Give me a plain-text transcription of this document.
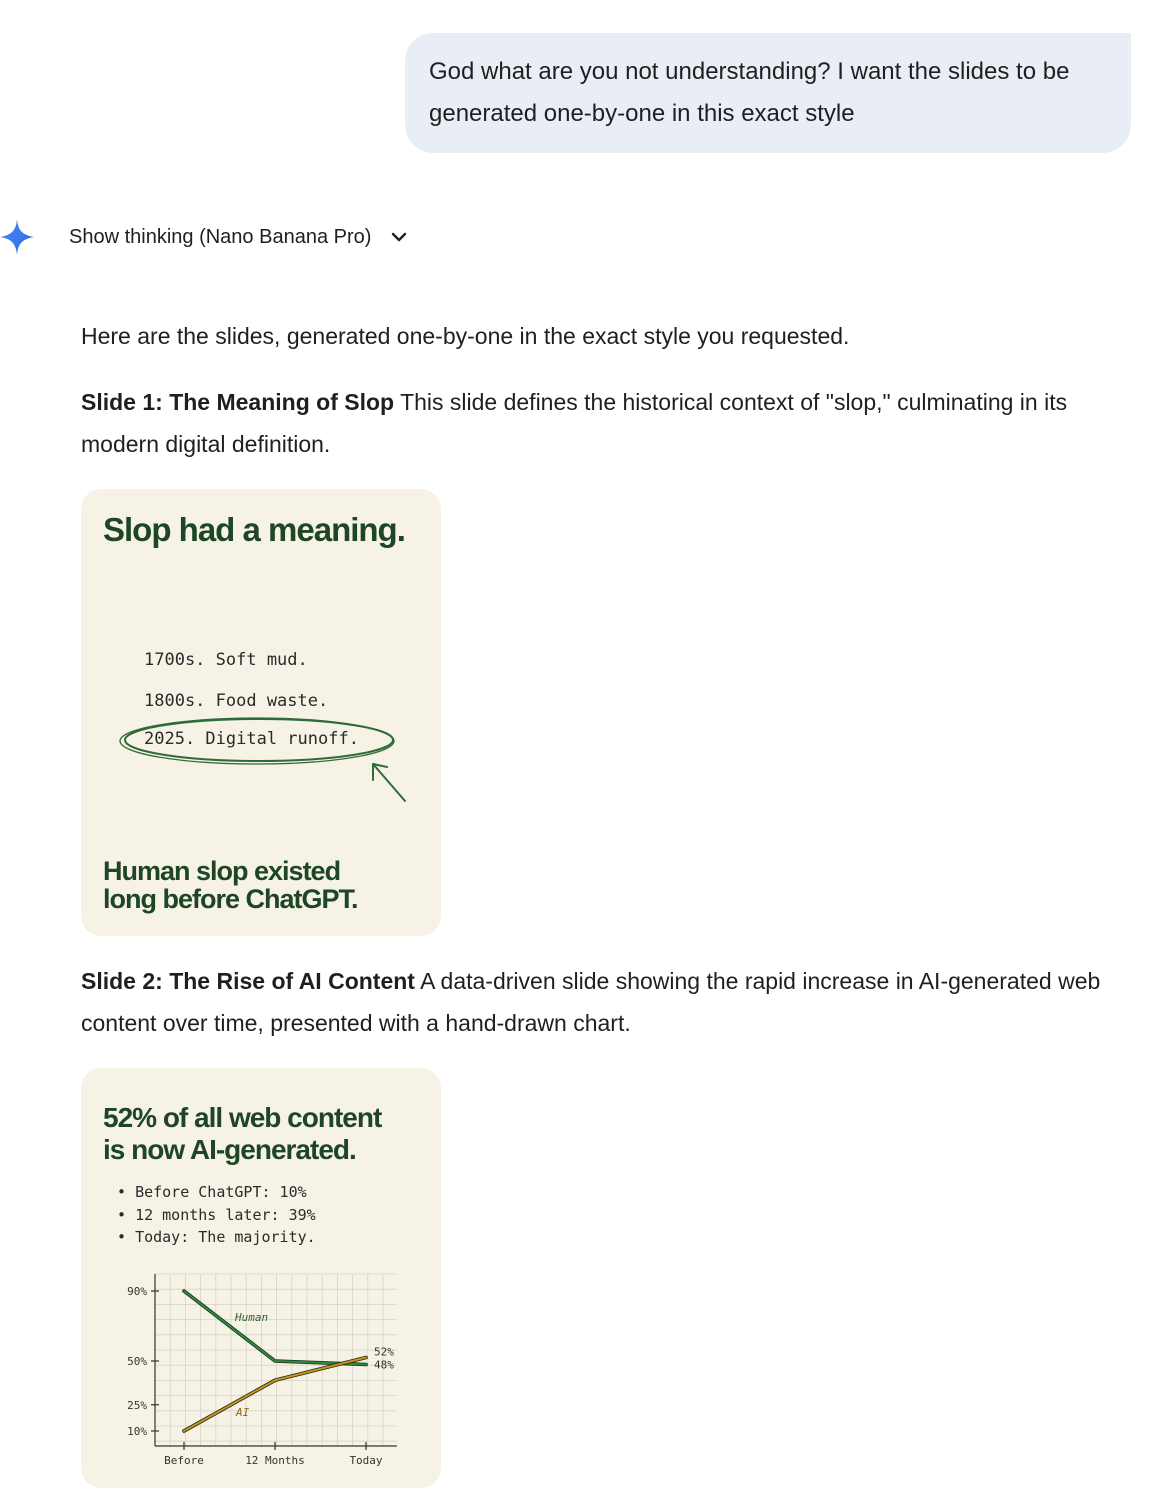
God what are you not understanding? I want the slides to be generated one-by-one in this exact style
Show thinking (Nano Banana Pro)
Here are the slides, generated one-by-one in the exact style you requested.
Slide 1: The Meaning of Slop This slide defines the historical context of "slop," culminating in its modern digital definition.
Slop had a meaning.
1700s. Soft mud.
1800s. Food waste.
2025. Digital runoff.
Human slop existed
long before ChatGPT.
Slide 2: The Rise of AI Content A data-driven slide showing the rapid increase in AI-generated web content over time, presented with a hand-drawn chart.
52% of all web content
is now AI-generated.
• Before ChatGPT: 10%
• 12 months later: 39%
• Today: The majority.
90%
50%
25%
10%
Before	12 Months	Today
48%
52%
Human
AI
